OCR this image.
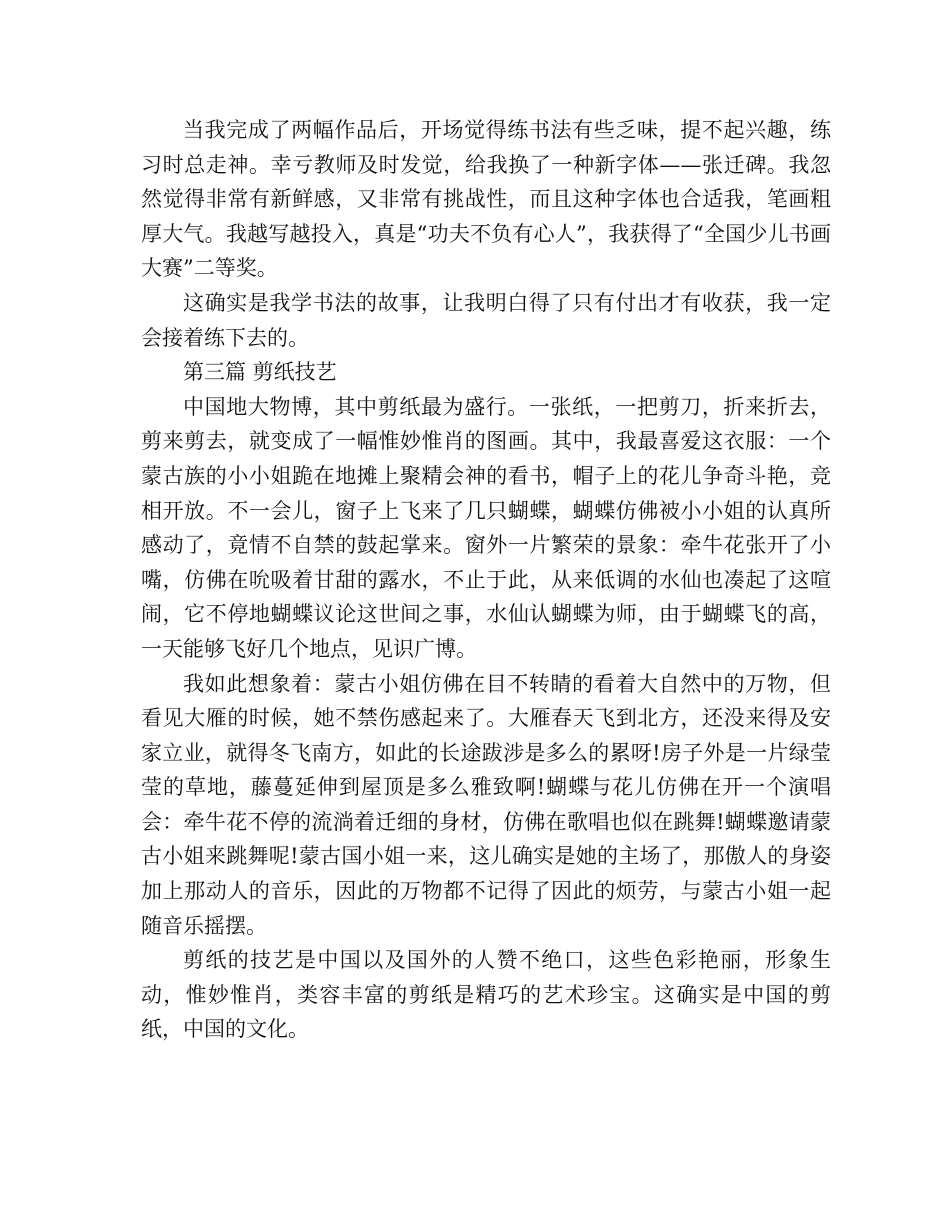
当我完成了两幅作品后，开场觉得练书法有些乏味，提不起兴趣，练习时总走神。幸亏教师及时发觉，给我换了一种新字体——张迁碑。我忽然觉得非常有新鲜感，又非常有挑战性，而且这种字体也合适我，笔画粗厚大气。我越写越投入，真是“功夫不负有心人”，我获得了“全国少儿书画大赛”二等奖。

这确实是我学书法的故事，让我明白得了只有付出才有收获，我一定会接着练下去的。

第三篇 剪纸技艺

中国地大物博，其中剪纸最为盛行。一张纸，一把剪刀，折来折去，剪来剪去，就变成了一幅惟妙惟肖的图画。其中，我最喜爱这衣服：一个蒙古族的小小姐跪在地摊上聚精会神的看书，帽子上的花儿争奇斗艳，竞相开放。不一会儿，窗子上飞来了几只蝴蝶，蝴蝶仿佛被小小姐的认真所感动了，竟情不自禁的鼓起掌来。窗外一片繁荣的景象：牵牛花张开了小嘴，仿佛在吮吸着甘甜的露水，不止于此，从来低调的水仙也凑起了这喧闹，它不停地蝴蝶议论这世间之事，水仙认蝴蝶为师，由于蝴蝶飞的高，一天能够飞好几个地点，见识广博。

我如此想象着：蒙古小姐仿佛在目不转睛的看着大自然中的万物，但看见大雁的时候，她不禁伤感起来了。大雁春天飞到北方，还没来得及安家立业，就得冬飞南方，如此的长途跋涉是多么的累呀!房子外是一片绿莹莹的草地，藤蔓延伸到屋顶是多么雅致啊!蝴蝶与花儿仿佛在开一个演唱会：牵牛花不停的流淌着迁细的身材，仿佛在歌唱也似在跳舞!蝴蝶邀请蒙古小姐来跳舞呢!蒙古国小姐一来，这儿确实是她的主场了，那傲人的身姿加上那动人的音乐，因此的万物都不记得了因此的烦劳，与蒙古小姐一起随音乐摇摆。

剪纸的技艺是中国以及国外的人赞不绝口，这些色彩艳丽，形象生动，惟妙惟肖，类容丰富的剪纸是精巧的艺术珍宝。这确实是中国的剪纸，中国的文化。
